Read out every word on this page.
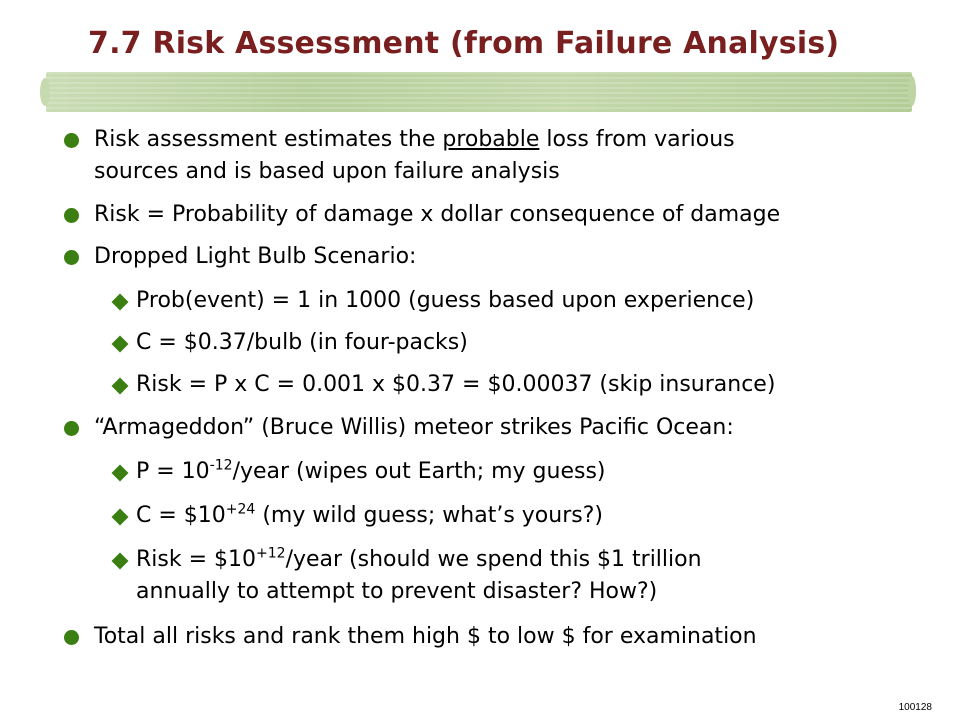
7.7 Risk Assessment (from Failure Analysis)
Risk assessment estimates the probable loss from various
sources and is based upon failure analysis
Risk = Probability of damage x dollar consequence of damage
Dropped Light Bulb Scenario:
Prob(event) = 1 in 1000 (guess based upon experience)
C = $0.37/bulb (in four-packs)
Risk = P x C = 0.001 x $0.37 = $0.00037 (skip insurance)
“Armageddon” (Bruce Willis) meteor strikes Pacific Ocean:
$P = 10^{-12}$/year (wipes out Earth; my guess)
$C = \$10^{+24}$ (my wild guess; what’s yours?)
Risk = $\$10^{+12}$/year (should we spend this $1 trillion
annually to attempt to prevent disaster? How?)
Total all risks and rank them high $ to low $ for examination
100128
